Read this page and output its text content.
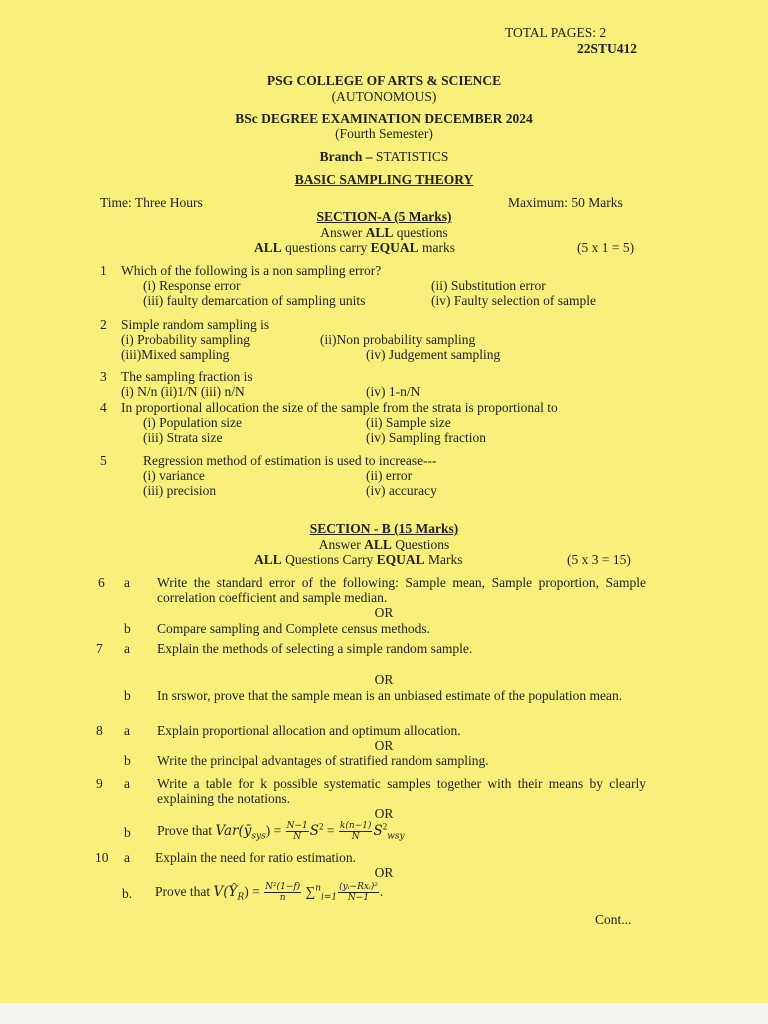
TOTAL PAGES: 2
22STU412
PSG COLLEGE OF ARTS & SCIENCE
(AUTONOMOUS)
BSc DEGREE EXAMINATION DECEMBER 2024
(Fourth Semester)
Branch – STATISTICS
BASIC SAMPLING THEORY
Time: Three Hours	Maximum: 50 Marks
SECTION-A (5 Marks)
Answer ALL questions
ALL questions carry EQUAL marks	(5 x 1 = 5)
1 Which of the following is a non sampling error?
(i) Response error	(ii) Substitution error
(iii) faulty demarcation of sampling units	(iv) Faulty selection of sample
2 Simple random sampling is
(i) Probability sampling	(ii)Non probability sampling
(iii)Mixed sampling	(iv) Judgement sampling
3 The sampling fraction is
(i) N/n (ii)1/N (iii) n/N	(iv) 1-n/N
4 In proportional allocation the size of the sample from the strata is proportional to
(i) Population size	(ii) Sample size
(iii) Strata size	(iv) Sampling fraction
5	Regression method of estimation is used to increase---
(i) variance	(ii) error
(iii) precision	(iv) accuracy
SECTION - B (15 Marks)
Answer ALL Questions
ALL Questions Carry EQUAL Marks	(5 x 3 = 15)
6 a Write the standard error of the following: Sample mean, Sample proportion, Sample correlation coefficient and sample median.
OR
b Compare sampling and Complete census methods.
7 a Explain the methods of selecting a simple random sample.
OR
b In srswor, prove that the sample mean is an unbiased estimate of the population mean.
8 a Explain proportional allocation and optimum allocation.
OR
b Write the principal advantages of stratified random sampling.
9 a Write a table for k possible systematic samples together with their means by clearly explaining the notations.
OR
b Prove that $Var(ȳ_{sys}) = \frac{N-1}{N} S^2 = \frac{k(n-1)}{N} S^2_{wsy}$
10 a Explain the need for ratio estimation.
OR
b. Prove that $V(Ŷ_R) = \frac{\text{N²(1−f)}}{n} \sum^n_{i=1} \frac{\text{(yᵢ−Rxᵢ)²}}{N-1}$ .
Cont...
